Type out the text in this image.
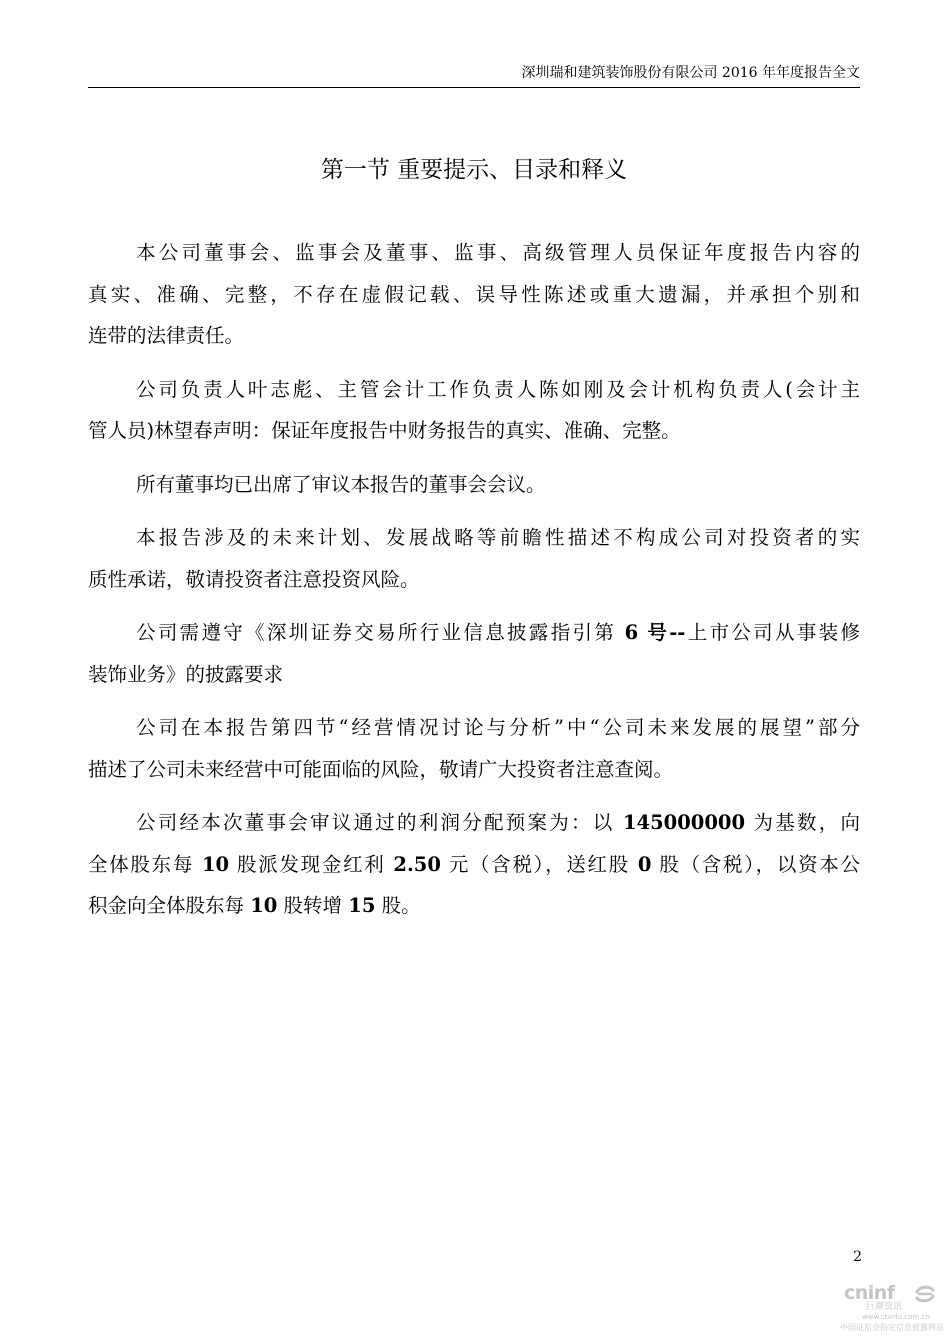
深圳瑞和建筑装饰股份有限公司 2016 年年度报告全文
第一节 重要提示、目录和释义
本公司董事会、监事会及董事、监事、高级管理人员保证年度报告内容的
真实、准确、完整，不存在虚假记载、误导性陈述或重大遗漏，并承担个别和
连带的法律责任。
公司负责人叶志彪、主管会计工作负责人陈如刚及会计机构负责人(会计主
管人员)林望春声明：保证年度报告中财务报告的真实、准确、完整。
所有董事均已出席了审议本报告的董事会会议。
本报告涉及的未来计划、发展战略等前瞻性描述不构成公司对投资者的实
质性承诺，敬请投资者注意投资风险。
公司需遵守《深圳证券交易所行业信息披露指引第 6 号--上市公司从事装修
装饰业务》的披露要求
公司在本报告第四节“经营情况讨论与分析”中“公司未来发展的展望”部分
描述了公司未来经营中可能面临的风险，敬请广大投资者注意查阅。
公司经本次董事会审议通过的利润分配预案为：以 145000000 为基数，向
全体股东每 10 股派发现金红利 2.50 元（含税），送红股 0 股（含税），以资本公
积金向全体股东每 10 股转增 15 股。
2
cninf
巨潮资讯
www.cninfo.com.cn
中国证监会指定信息披露网站
